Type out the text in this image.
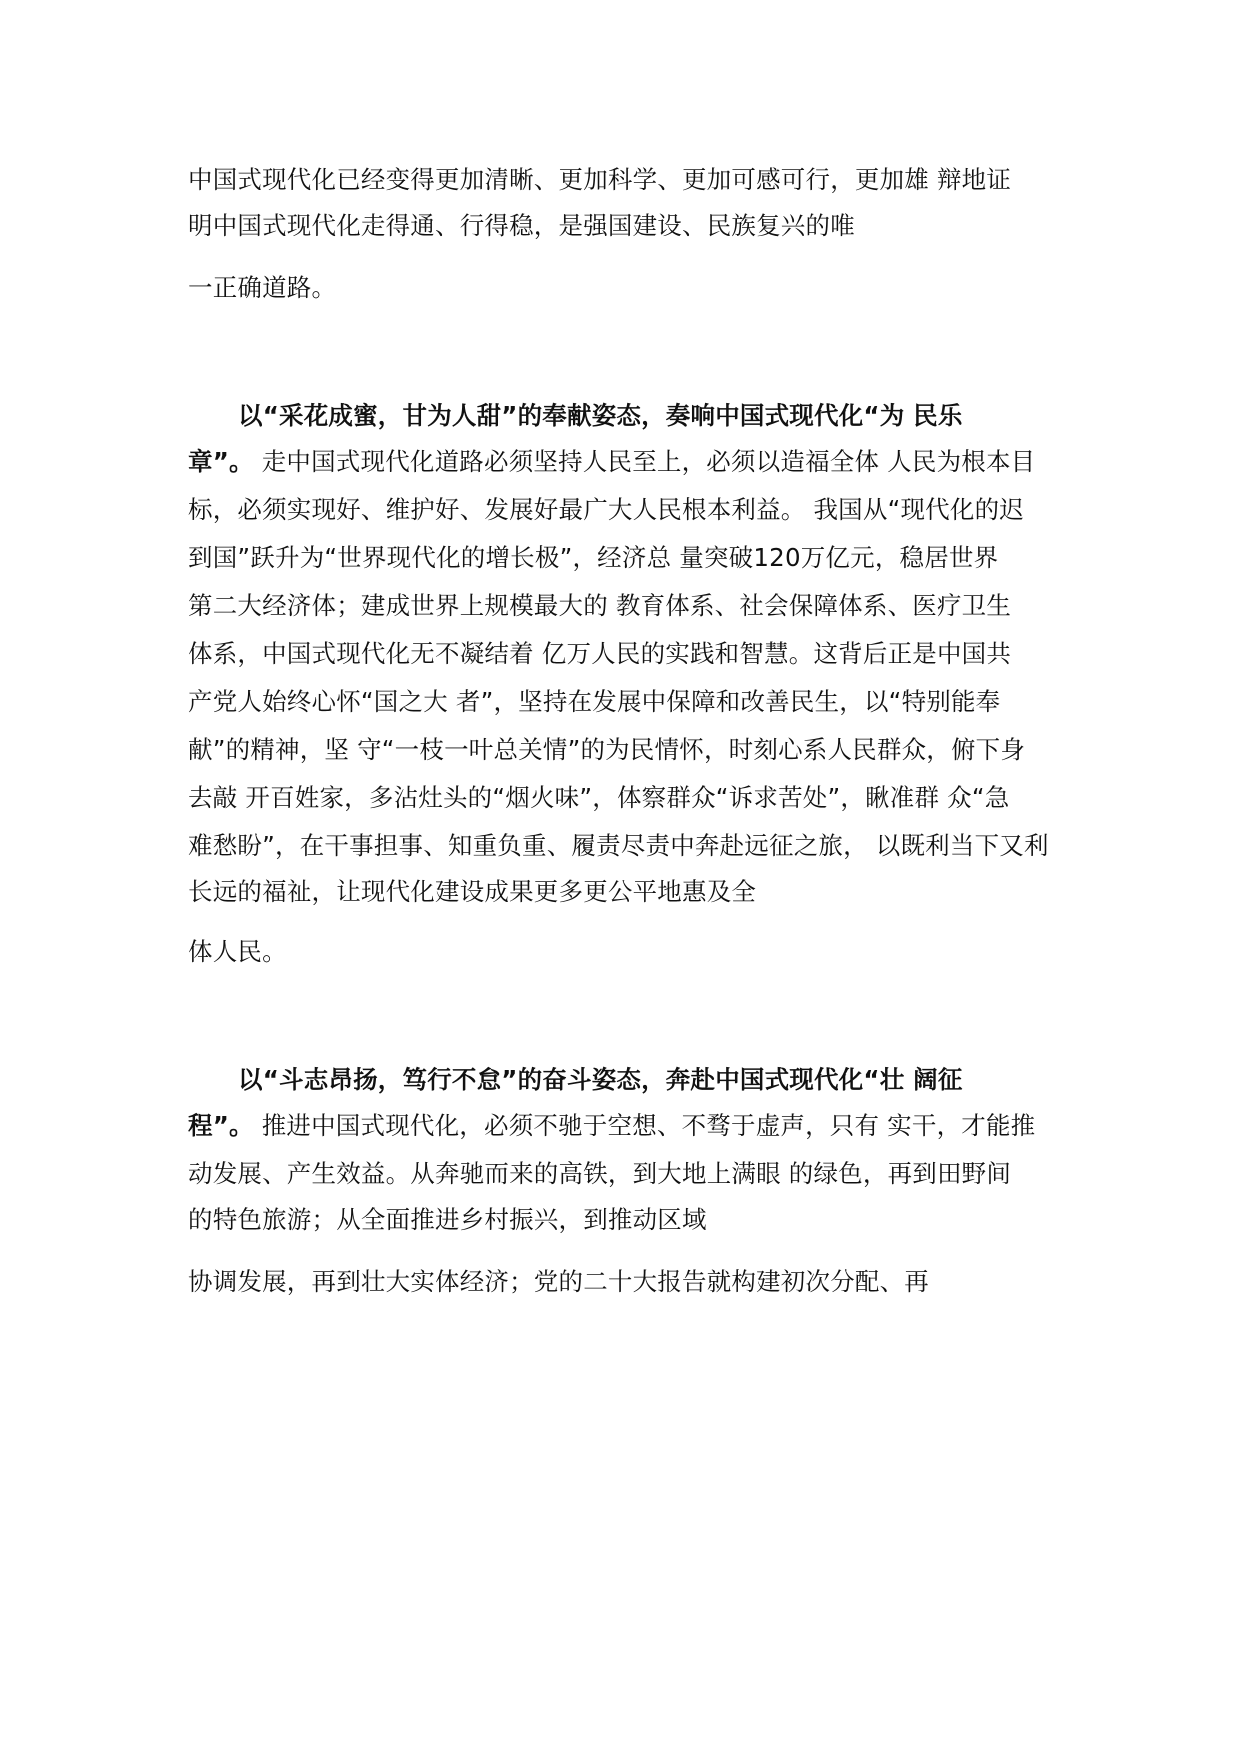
中国式现代化已经变得更加清晰、更加科学、更加可感可行，更加雄 辩地证
明中国式现代化走得通、行得稳，是强国建设、民族复兴的唯
一正确道路。
以“采花成蜜，甘为人甜”的奉献姿态，奏响中国式现代化“为 民乐
章”。 走中国式现代化道路必须坚持人民至上，必须以造福全体 人民为根本目
标，必须实现好、维护好、发展好最广大人民根本利益。 我国从“现代化的迟
到国”跃升为“世界现代化的增长极”，经济总 量突破120万亿元，稳居世界
第二大经济体；建成世界上规模最大的 教育体系、社会保障体系、医疗卫生
体系，中国式现代化无不凝结着 亿万人民的实践和智慧。这背后正是中国共
产党人始终心怀“国之大 者”，坚持在发展中保障和改善民生，以“特别能奉
献”的精神，坚 守“一枝一叶总关情”的为民情怀，时刻心系人民群众，俯下身
去敲 开百姓家，多沾灶头的“烟火味”，体察群众“诉求苦处”，瞅准群 众“急
难愁盼”，在干事担事、知重负重、履责尽责中奔赴远征之旅， 以既利当下又利
长远的福祉，让现代化建设成果更多更公平地惠及全
体人民。
以“斗志昂扬，笃行不怠”的奋斗姿态，奔赴中国式现代化“壮 阔征
程”。 推进中国式现代化，必须不驰于空想、不骛于虚声，只有 实干，才能推
动发展、产生效益。从奔驰而来的高铁，到大地上满眼 的绿色，再到田野间
的特色旅游；从全面推进乡村振兴，到推动区域
协调发展，再到壮大实体经济；党的二十大报告就构建初次分配、再
